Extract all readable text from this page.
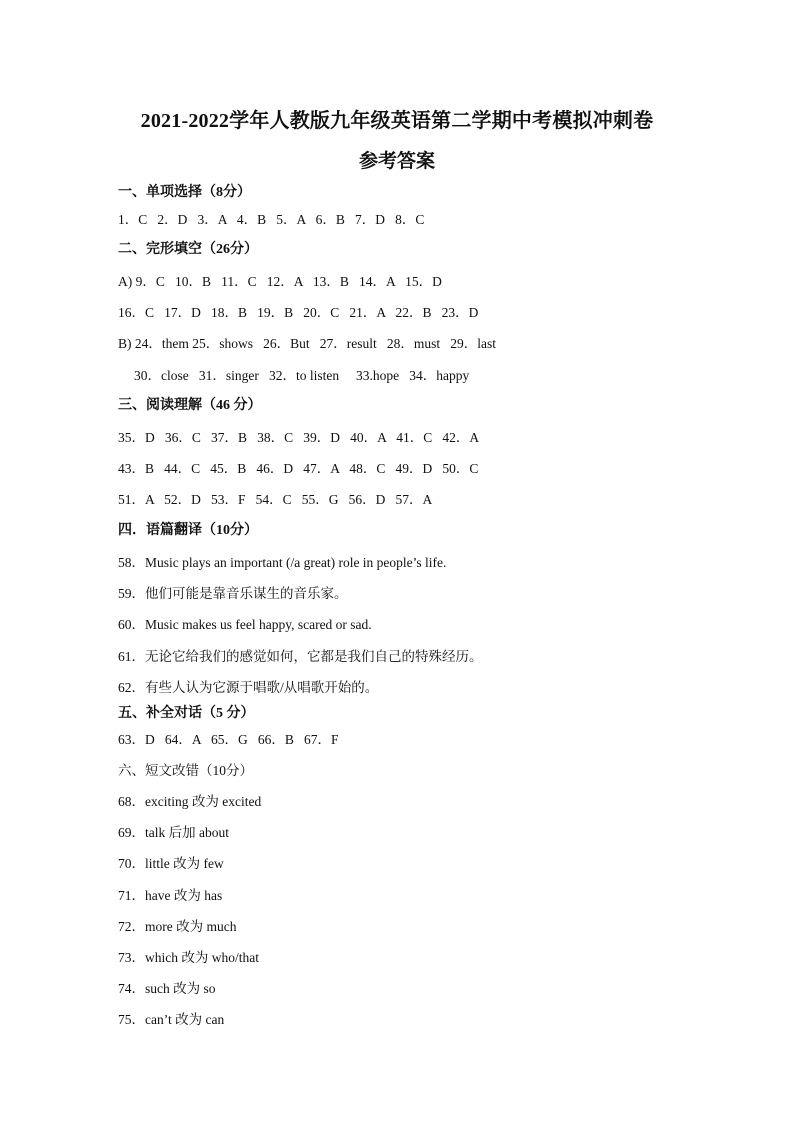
2021-2022学年人教版九年级英语第二学期中考模拟冲刺卷
参考答案
一、单项选择（8分）
1．C   2．D   3．A   4．B   5．A   6．B   7．D   8．C
二、完形填空（26分）
A) 9．C   10．B   11．C   12．A   13．B   14．A   15．D
16．C   17．D   18．B   19．B   20．C   21．A   22．B   23．D
B) 24．them 25．shows   26．But   27．result   28．must   29．last
30．close   31．singer   32．to listen     33.hope   34．happy
三、阅读理解（46 分）
35．D   36．C   37．B   38．C   39．D   40．A   41．C   42．A
43．B   44．C   45．B   46．D   47．A   48．C   49．D   50．C
51．A   52．D   53．F   54．C   55．G   56．D   57．A
四．语篇翻译（10分）
58．Music plays an important (/a great) role in people’s life.
59．他们可能是靠音乐谋生的音乐家。
60．Music makes us feel happy, scared or sad.
61．无论它给我们的感觉如何，它都是我们自己的特殊经历。
62．有些人认为它源于唱歌/从唱歌开始的。
五、补全对话（5 分）
63．D   64．A   65．G   66．B   67．F
六、短文改错（10分）
68．exciting 改为 excited
69．talk 后加 about
70．little 改为 few
71．have 改为 has
72．more 改为 much
73．which 改为 who/that
74．such 改为 so
75．can’t 改为 can
